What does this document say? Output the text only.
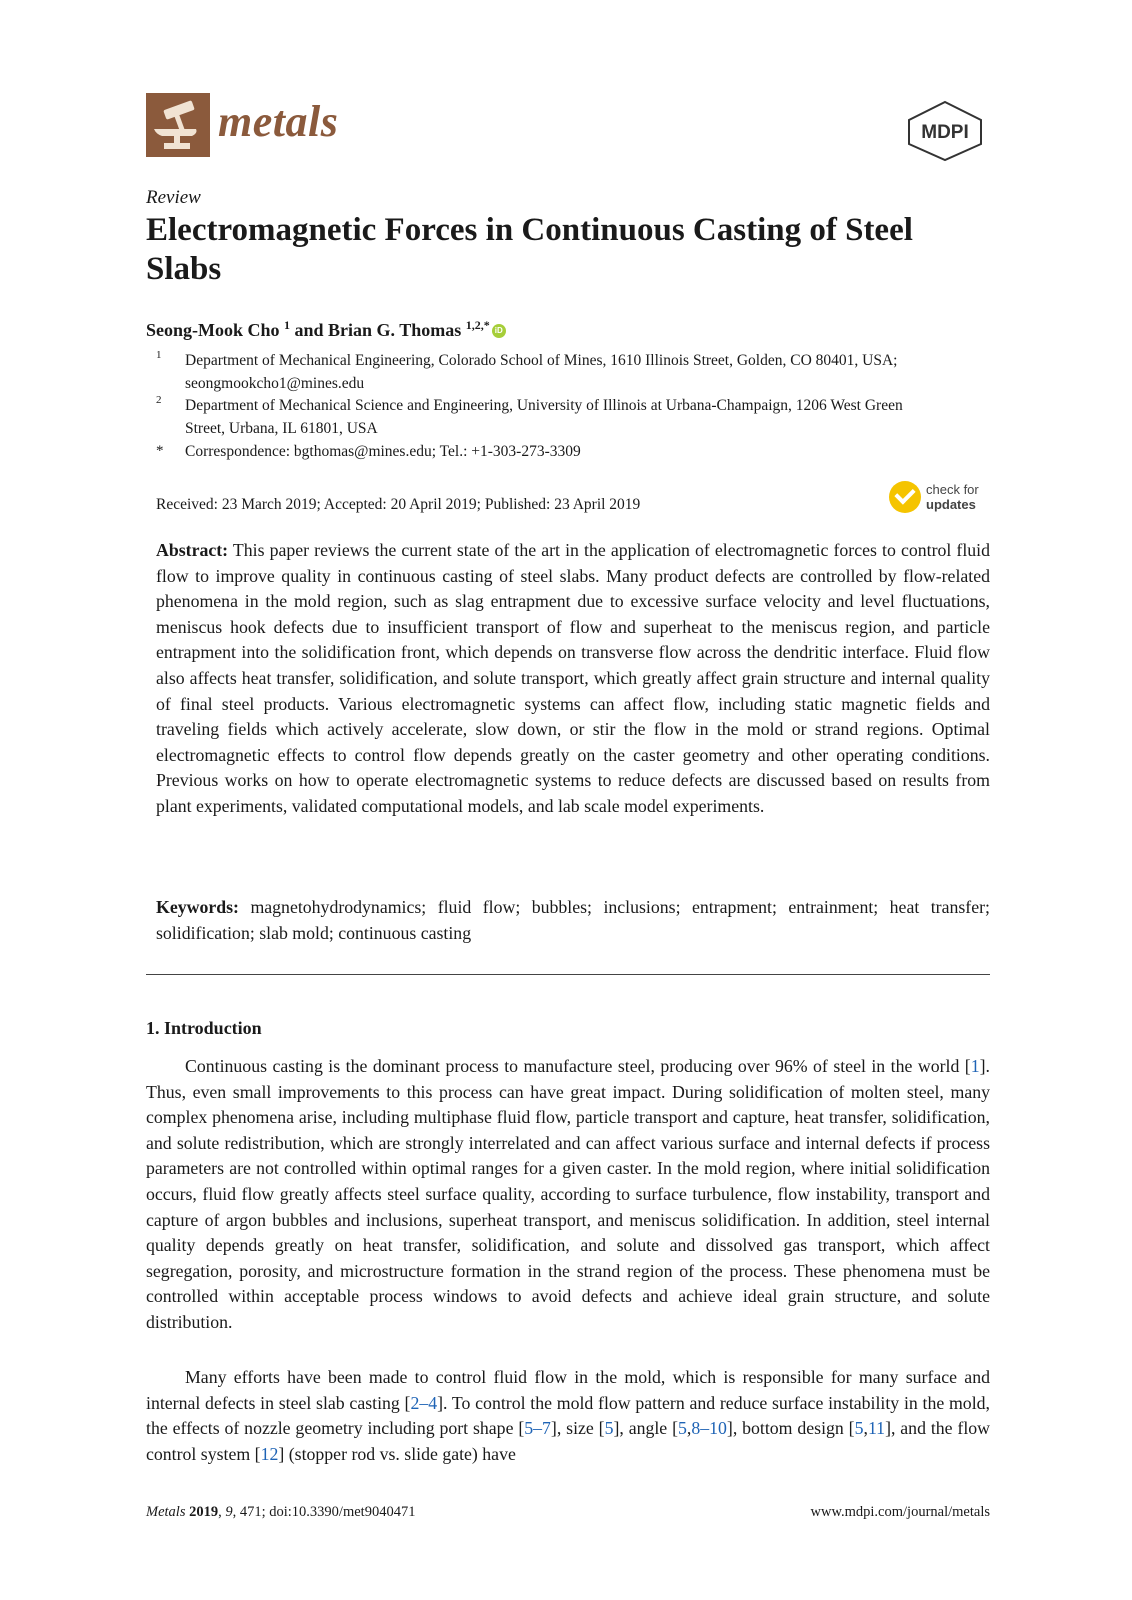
metals	MDPI
Review
Electromagnetic Forces in Continuous Casting of Steel Slabs
Seong-Mook Cho $^1$ and Brian G. Thomas $^{1,2,*}$ iD
1 Department of Mechanical Engineering, Colorado School of Mines, 1610 Illinois Street, Golden, CO 80401, USA; seongmookcho1@mines.edu
2 Department of Mechanical Science and Engineering, University of Illinois at Urbana-Champaign, 1206 West Green Street, Urbana, IL 61801, USA
* Correspondence: bgthomas@mines.edu; Tel.: +1-303-273-3309
Received: 23 March 2019; Accepted: 20 April 2019; Published: 23 April 2019
check for
updates
Abstract: This paper reviews the current state of the art in the application of electromagnetic forces to control fluid flow to improve quality in continuous casting of steel slabs. Many product defects are controlled by flow-related phenomena in the mold region, such as slag entrapment due to excessive surface velocity and level fluctuations, meniscus hook defects due to insufficient transport of flow and superheat to the meniscus region, and particle entrapment into the solidification front, which depends on transverse flow across the dendritic interface. Fluid flow also affects heat transfer, solidification, and solute transport, which greatly affect grain structure and internal quality of final steel products. Various electromagnetic systems can affect flow, including static magnetic fields and traveling fields which actively accelerate, slow down, or stir the flow in the mold or strand regions. Optimal electromagnetic effects to control flow depends greatly on the caster geometry and other operating conditions. Previous works on how to operate electromagnetic systems to reduce defects are discussed based on results from plant experiments, validated computational models, and lab scale model experiments.
Keywords: magnetohydrodynamics; fluid flow; bubbles; inclusions; entrapment; entrainment; heat transfer; solidification; slab mold; continuous casting
1. Introduction
Continuous casting is the dominant process to manufacture steel, producing over 96% of steel in the world [1]. Thus, even small improvements to this process can have great impact. During solidification of molten steel, many complex phenomena arise, including multiphase fluid flow, particle transport and capture, heat transfer, solidification, and solute redistribution, which are strongly interrelated and can affect various surface and internal defects if process parameters are not controlled within optimal ranges for a given caster. In the mold region, where initial solidification occurs, fluid flow greatly affects steel surface quality, according to surface turbulence, flow instability, transport and capture of argon bubbles and inclusions, superheat transport, and meniscus solidification. In addition, steel internal quality depends greatly on heat transfer, solidification, and solute and dissolved gas transport, which affect segregation, porosity, and microstructure formation in the strand region of the process. These phenomena must be controlled within acceptable process windows to avoid defects and achieve ideal grain structure, and solute distribution.
Many efforts have been made to control fluid flow in the mold, which is responsible for many surface and internal defects in steel slab casting [2–4]. To control the mold flow pattern and reduce surface instability in the mold, the effects of nozzle geometry including port shape [5–7], size [5], angle [5,8–10], bottom design [5,11], and the flow control system [12] (stopper rod vs. slide gate) have
Metals 2019, 9, 471; doi:10.3390/met9040471	www.mdpi.com/journal/metals
